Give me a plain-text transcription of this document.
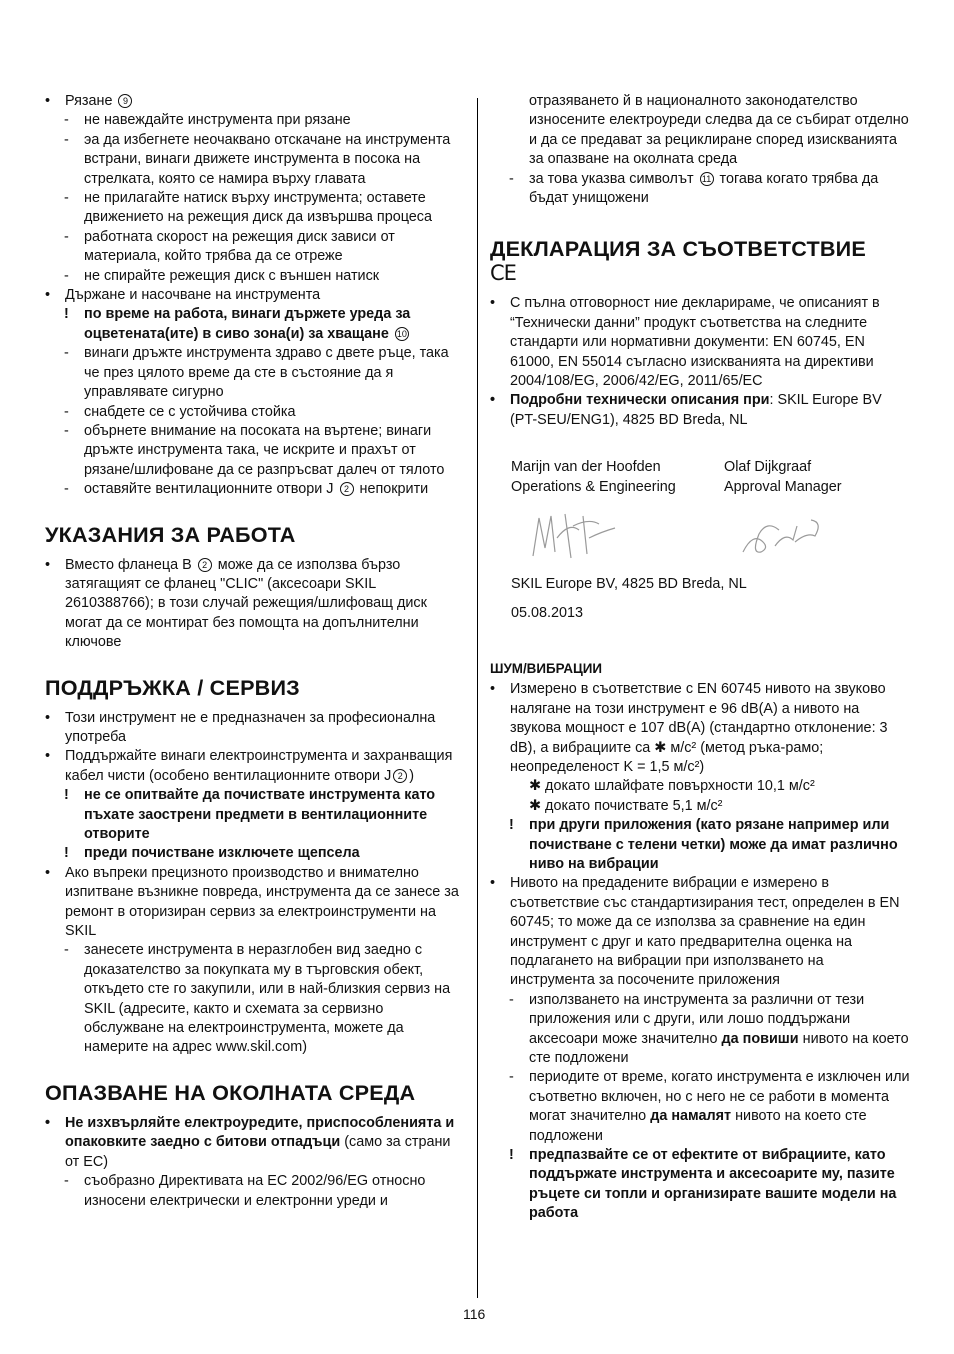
• Рязане 9
- не навеждайте инструмента при рязане
- эа да избегнете неочаквано отскачане на инструмента встрани, винаги движете инструмента в посока на стрелката, която се намира върху главата
- не прилагайте натиск върху инструмента; оставете движението на режещия диск да извършва процеса
- работната скорост на режещия диск зависи от материала, който трябва да се отреже
- не спирайте режещия диск с външен натиск
• Държане и насочване на инструмента
! по време на работа, винаги държете уреда за оцветената(ите) в сиво зона(и) за хващане 10
- винаги дръжте инструмента здраво с двете ръце, така че през цялото време да сте в състояние да я управлявате сигурно
- снабдете се с устойчива стойка
- обърнете внимание на посоката на въртене; винаги дръжте инструмента така, че искрите и прахът от рязане/шлифоване да се разпръсват далеч от тялото
- оставяйте вентилационните отвори J 2 непокрити
УКАЗАНИЯ ЗА РАБОТА
• Вместо фланеца B 2 може да се използва бързо затягащият се фланец "CLIC" (аксесоари SKIL 2610388766); в този случай режещия/шлифоващ диск могат да се монтират без помощта на допълнителни ключове
ПОДДРЪЖКА / СЕРВИЗ
• Този инструмент не е предназначен за професионална употреба
• Поддържайте винаги електроинструмента и захранващия кабел чисти (особено вентилационните отвори J 2 )
! не се опитвайте да почиствате инструмента като пъхате заострени предмети в вентилационните отворите
! преди почистване изключете щепсела
• Ако въпреки прецизното производство и внимателно изпитване възникне повреда, инструмента да се занесе за ремонт в оторизиран сервиз за електроинструменти на SKIL
- занесете инструмента в неразглобен вид заедно с доказателство за покупката му в търговския обект, откъдето сте го закупили, или в най-близкия сервиз на SKIL (адресите, както и схемата за сервизно обслужване на електроинструмента, можете да намерите на адрес www.skil.com)
ОПАЗВАНЕ НА ОКОЛНАТА СРЕДА
• Не изхвърляйте електроуредите, приспособленията и опаковките заедно с битови отпадъци (само за страни от ЕС)
- съобразно Директивата на ЕС 2002/96/EG относно износени електрически и електронни уреди и
отразяването й в националното законодателство износените електроуреди следва да се събират отделно и да се предават за рециклиране според изискванията за опазване на околната среда
- за това указва символът 11 тогава когато трябва да бъдат унищожени
ДЕКЛАРАЦИЯ ЗА СЪОТВЕТСТВИЕ
CE
• С пълна отговорност ние декларираме, че описаният в “Технически данни” продукт съответства на следните стандарти или нормативни документи: EN 60745, EN 61000, EN 55014 съгласно изискванията на директиви 2004/108/EG, 2006/42/EG, 2011/65/EC
• Подробни технически описания при: SKIL Europe BV (PT-SEU/ENG1), 4825 BD Breda, NL
Marijn van der Hoofden
Operations & Engineering
Olaf Dijkgraaf
Approval Manager
SKIL Europe BV, 4825 BD Breda, NL
05.08.2013
ШУМ/ВИБРАЦИИ
• Измерено в съответствие с EN 60745 нивото на звуково налягане на този инструмент е 96 dB(A) а нивото на звукова мощност е 107 dB(A) (стандартно отклонение: 3 dB), а вибрациите са ✱ м/с² (метод ръка-рамо; неопределеност K = 1,5 м/с²)
✱ докато шлайфате повърхности 10,1 м/с²
✱ докато почиствате 5,1 м/с²
! при други приложения (като рязане например или почистване с телени четки) може да имат различно ниво на вибрации
• Нивото на предадените вибрации е измерено в съответствие със стандартизирания тест, определен в EN 60745; то може да се използва за сравнение на един инструмент с друг и като предварителна оценка на подлагането на вибрации при използването на инструмента за посочените приложения
- използването на инструмента за различни от тези приложения или с други, или лошо поддържани аксесоари може значително да повиши нивото на което сте подложени
- периодите от време, когато инструмента е изключен или съответно включен, но с него не се работи в момента могат значително да намалят нивото на което сте подложени
! предпазвайте се от ефектите от вибрациите, като поддържате инструмента и аксесоарите му, пазите ръцете си топли и организирате вашите модели на работа
116
